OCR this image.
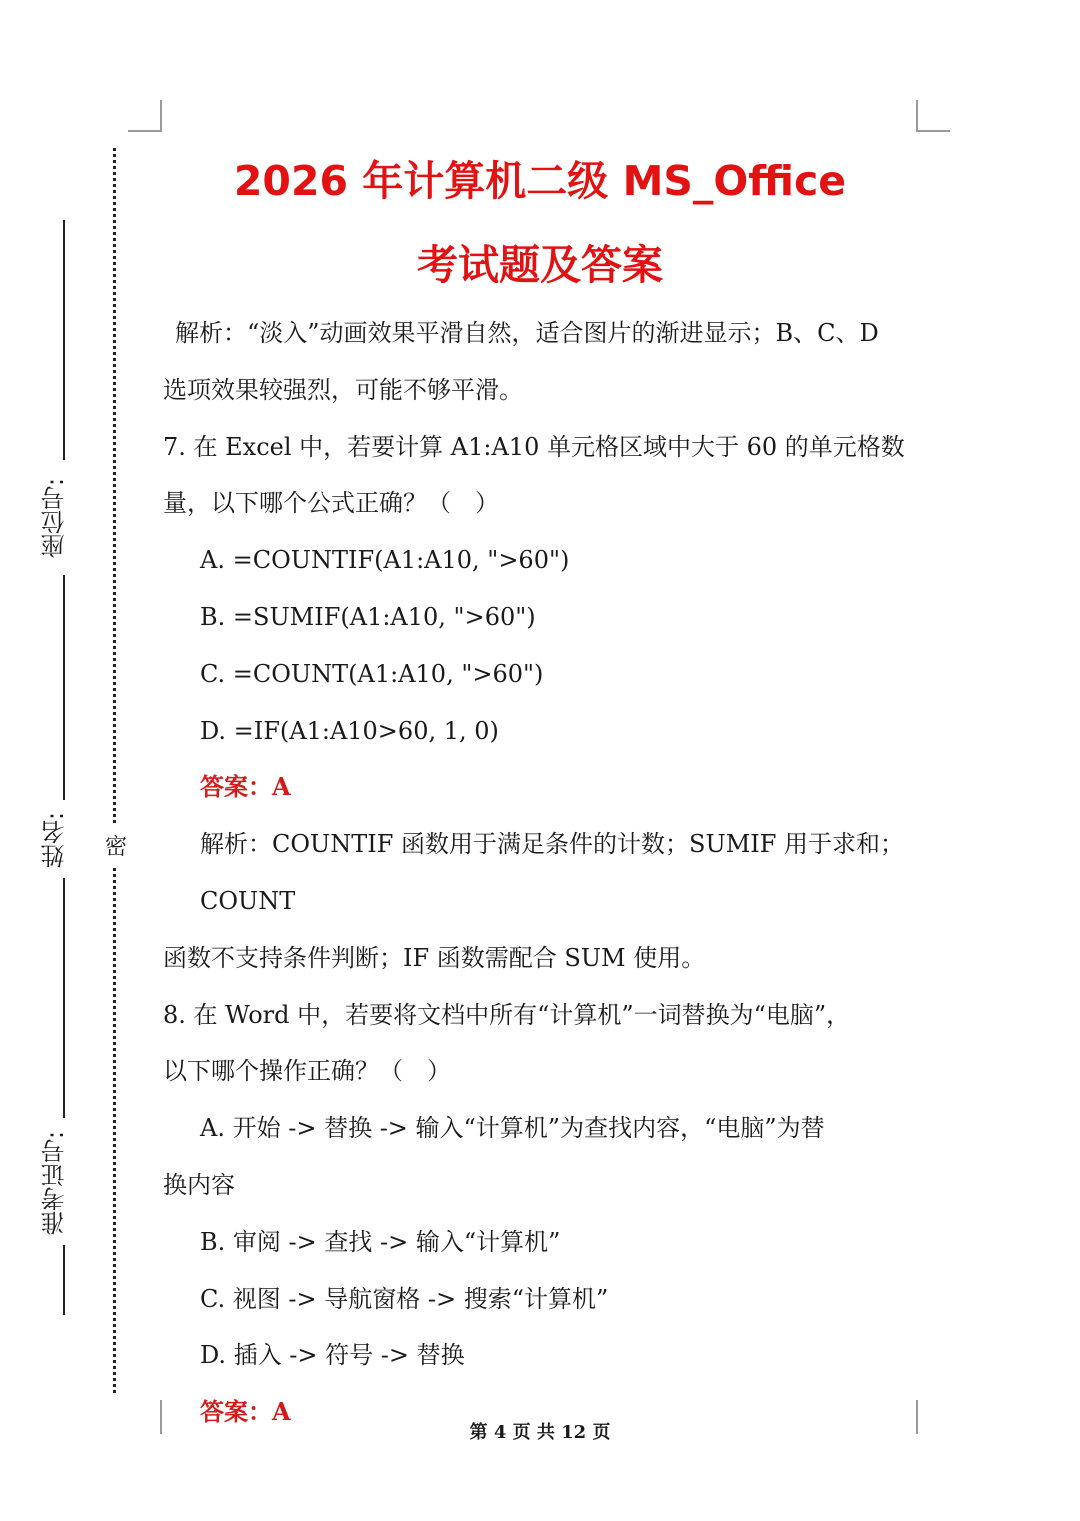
座位号:
姓名:
准考证号:
密
2026 年计算机二级 MS_Office
考试题及答案

解析：“淡入”动画效果平滑自然，适合图片的渐进显示；B、C、D

选项效果较强烈，可能不够平滑。

7. 在 Excel 中，若要计算 A1:A10 单元格区域中大于 60 的单元格数

量，以下哪个公式正确？（　）

A. =COUNTIF(A1:A10, ">60")

B. =SUMIF(A1:A10, ">60")

C. =COUNT(A1:A10, ">60")

D. =IF(A1:A10>60, 1, 0)

答案：A

解析：COUNTIF 函数用于满足条件的计数；SUMIF 用于求和；COUNT

函数不支持条件判断；IF 函数需配合 SUM 使用。

8. 在 Word 中，若要将文档中所有“计算机”一词替换为“电脑”，

以下哪个操作正确？（　）

A. 开始 -> 替换 -> 输入“计算机”为查找内容，“电脑”为替

换内容

B. 审阅 -> 查找 -> 输入“计算机”

C. 视图 -> 导航窗格 -> 搜索“计算机”

D. 插入 -> 符号 -> 替换

答案：A

第 4 页 共 12 页
